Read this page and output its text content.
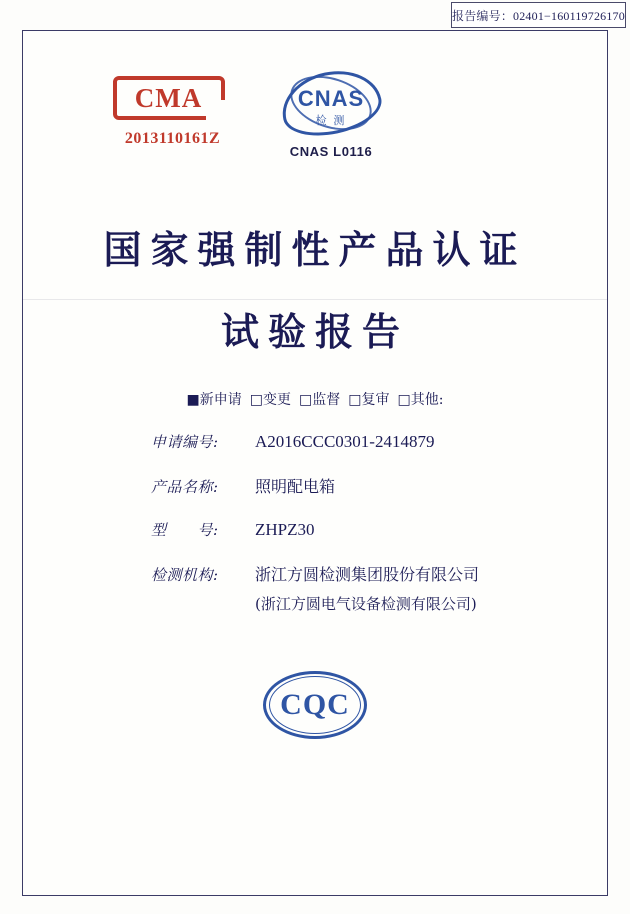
报告编号：02401−160119726170
CMA
2013110161Z
CNAS
检 测
CNAS L0116
国家强制性产品认证
试验报告
■新申请 □变更 □监督 □复审 □其他:
申请编号:	A2016CCC0301-2414879
产品名称:	照明配电箱
型　　号:	ZHPZ30
检测机构:	浙江方圆检测集团股份有限公司
(浙江方圆电气设备检测有限公司)
CQC
